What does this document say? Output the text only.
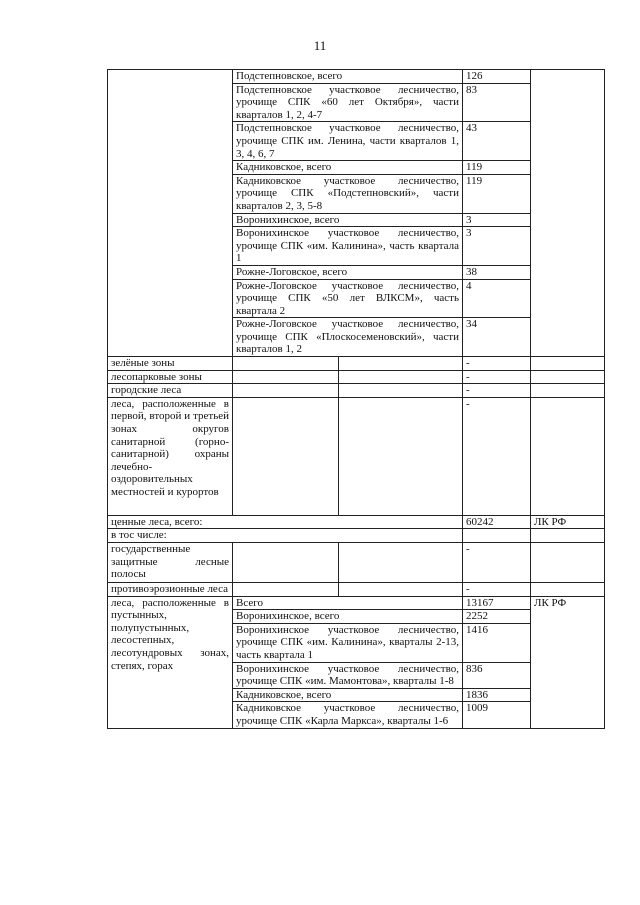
11
	Подстепновское, всего		126	
	Подстепновское участковое лесничество, урочище СПК «60 лет Октября», части кварталов 1, 2, 4-7		83	
	Подстепновское участковое лесничество, урочище СПК им. Ленина, части кварталов 1, 3, 4, 6, 7		43	
	Кадниковское, всего		119	
	Кадниковское участковое лесничество, урочище СПК «Подстепновский», части кварталов 2, 3, 5-8		119	
	Воронихинское, всего		3	
	Воронихинское участковое лесничество, урочище СПК «им. Калинина», часть квартала 1		3	
	Рожне-Логовское, всего		38	
	Рожне-Логовское участковое лесничество, урочище СПК «50 лет ВЛКСМ», часть квартала 2		4	
	Рожне-Логовское участковое лесничество, урочище СПК «Плоскосеменовский», части кварталов 1, 2		34	
зелёные зоны			-	
лесопарковые зоны			-	
городские леса			-	
леса, расположенные в первой, второй и третьей зонах округов санитарной (горно-санитарной) охраны лечебно-оздоровительных местностей и курортов			-	
ценные леса, всего:			60242	ЛК РФ
в тос числе:				
государственные защитные лесные полосы			-	
противоэрозионные леса			-	
леса, расположенные в пустынных, полупустынных, лесостепных, лесотундровых зонах, степях, горах	Всего		13167	ЛК РФ
	Воронихинское, всего		2252	
	Воронихинское участковое лесничество, урочище СПК «им. Калинина», кварталы 2-13, часть квартала 1		1416	
	Воронихинское участковое лесничество, урочище СПК «им. Мамонтова», кварталы 1-8		836	
	Кадниковское, всего		1836	
	Кадниковское участковое лесничество, урочище СПК «Карла Маркса», кварталы 1-6		1009	
